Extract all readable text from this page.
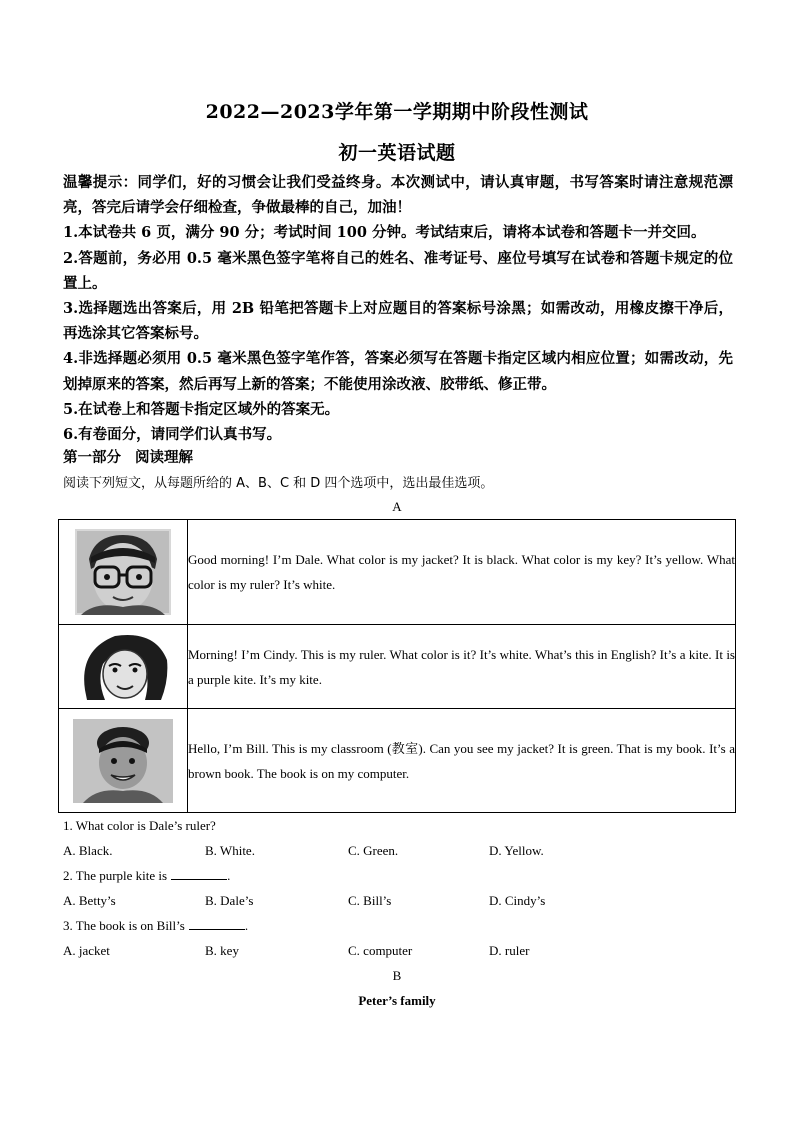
2022—2023学年第一学期期中阶段性测试
初一英语试题

温馨提示：同学们，好的习惯会让我们受益终身。本次测试中，请认真审题，书写答案时请注意规范漂亮，答完后请学会仔细检查，争做最棒的自己，加油！

1.本试卷共 6 页，满分 90 分；考试时间 100 分钟。考试结束后，请将本试卷和答题卡一并交回。

2.答题前，务必用 0.5 毫米黑色签字笔将自己的姓名、准考证号、座位号填写在试卷和答题卡规定的位置上。

3.选择题选出答案后，用 2B 铅笔把答题卡上对应题目的答案标号涂黑；如需改动，用橡皮擦干净后，再选涂其它答案标号。

4.非选择题必须用 0.5 毫米黑色签字笔作答，答案必须写在答题卡指定区域内相应位置；如需改动，先划掉原来的答案，然后再写上新的答案；不能使用涂改液、胶带纸、修正带。

5.在试卷上和答题卡指定区域外的答案无。

6.有卷面分，请同学们认真书写。

第一部分 阅读理解
阅读下列短文，从每题所给的 A、B、C 和 D 四个选项中，选出最佳选项。
A
	Good morning! I’m Dale. What color is my jacket? It is black. What color is my key? It’s yellow. What color is my ruler? It’s white.

	Morning! I’m Cindy. This is my ruler. What color is it? It’s white. What’s this in English? It’s a kite. It is a purple kite. It’s my kite.

	Hello, I’m Bill. This is my classroom (教室). Can you see my jacket? It is green. That is my book. It’s a brown book. The book is on my computer.
1. What color is Dale’s ruler?
A. Black.	B. White.	C. Green.	D. Yellow.
2. The purple kite is	.
A. Betty’s	B. Dale’s	C. Bill’s	D. Cindy’s
3. The book is on Bill’s	.
A. jacket	B. key	C. computer	D. ruler
B
Peter’s family
